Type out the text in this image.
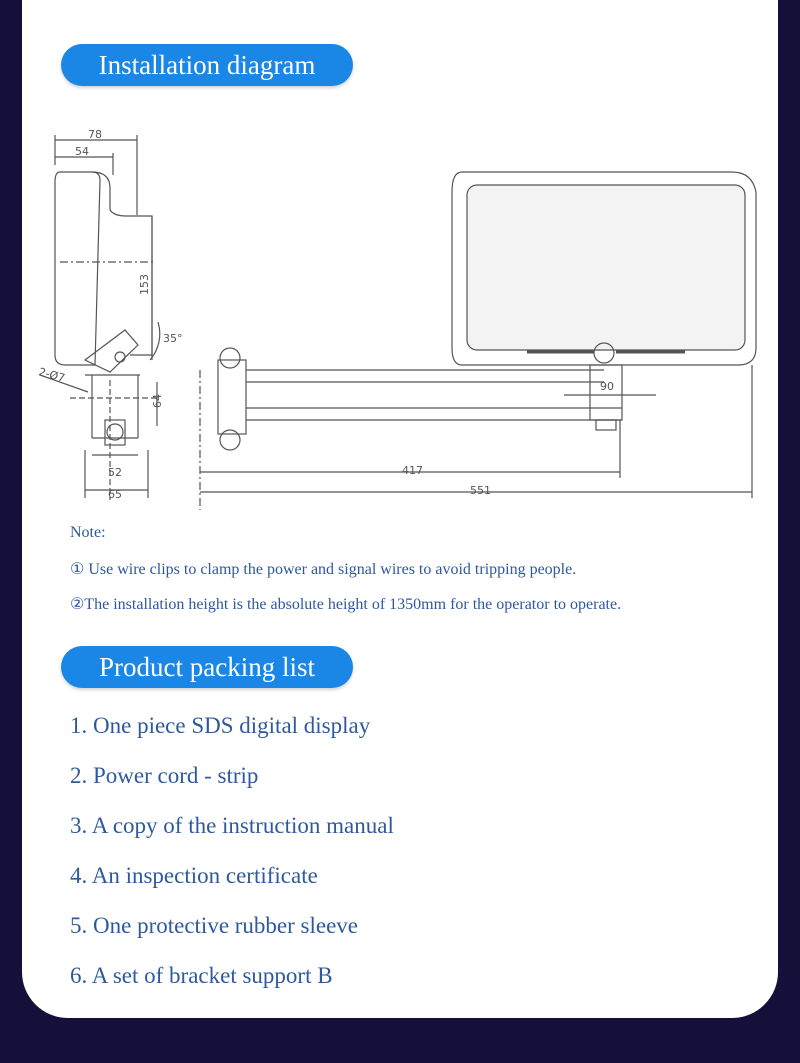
Installation diagram
78
54
153
35°
2-Ø7
64
52
65
90
417
551
Note:
① Use wire clips to clamp the power and signal wires to avoid tripping people.
②The installation height is the absolute height of 1350mm for the operator to operate.
Product packing list
1. One piece SDS digital display
2. Power cord - strip
3. A copy of the instruction manual
4. An inspection certificate
5. One protective rubber sleeve
6. A set of bracket support B
